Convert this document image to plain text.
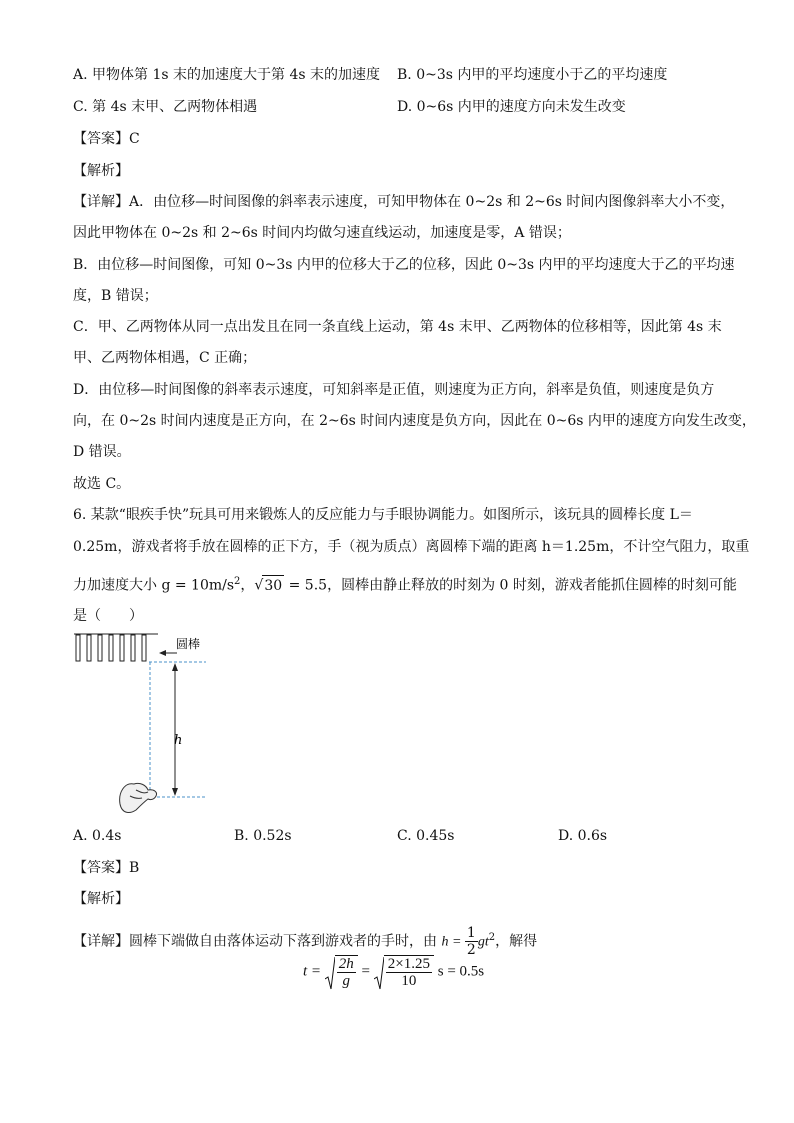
A. 甲物体第 1s 末的加速度大于第 4s 末的加速度 B. 0~3s 内甲的平均速度小于乙的平均速度
C. 第 4s 末甲、乙两物体相遇	D. 0~6s 内甲的速度方向未发生改变
【答案】C
【解析】
【详解】A．由位移—时间图像的斜率表示速度，可知甲物体在 0~2s 和 2~6s 时间内图像斜率大小不变，
因此甲物体在 0~2s 和 2~6s 时间内均做匀速直线运动，加速度是零，A 错误；
B．由位移—时间图像，可知 0~3s 内甲的位移大于乙的位移，因此 0~3s 内甲的平均速度大于乙的平均速
度，B 错误；
C．甲、乙两物体从同一点出发且在同一条直线上运动，第 4s 末甲、乙两物体的位移相等，因此第 4s 末
甲、乙两物体相遇，C 正确；
D．由位移—时间图像的斜率表示速度，可知斜率是正值，则速度为正方向，斜率是负值，则速度是负方
向，在 0~2s 时间内速度是正方向，在 2~6s 时间内速度是负方向，因此在 0~6s 内甲的速度方向发生改变，
D 错误。
故选 C。
6. 某款“眼疾手快”玩具可用来锻炼人的反应能力与手眼协调能力。如图所示，该玩具的圆棒长度 L＝
0.25m，游戏者将手放在圆棒的正下方，手（视为质点）离圆棒下端的距离 h＝1.25m，不计空气阻力，取重
力加速度大小 $g = 10m/s^2$，√30 = 5.5，圆棒由静止释放的时刻为 0 时刻，游戏者能抓住圆棒的时刻可能
是（　　）
h
圆棒
A. 0.4s	B. 0.52s	C. 0.45s	D. 0.6s
【答案】B
【解析】
【详解】圆棒下端做自由落体运动下落到游戏者的手时，由 $h = \frac{1}{2} gt^2$，解得
$t = \frac{2h}{g} = \frac{2\times 1.25}{10}$ s = 0.5s
